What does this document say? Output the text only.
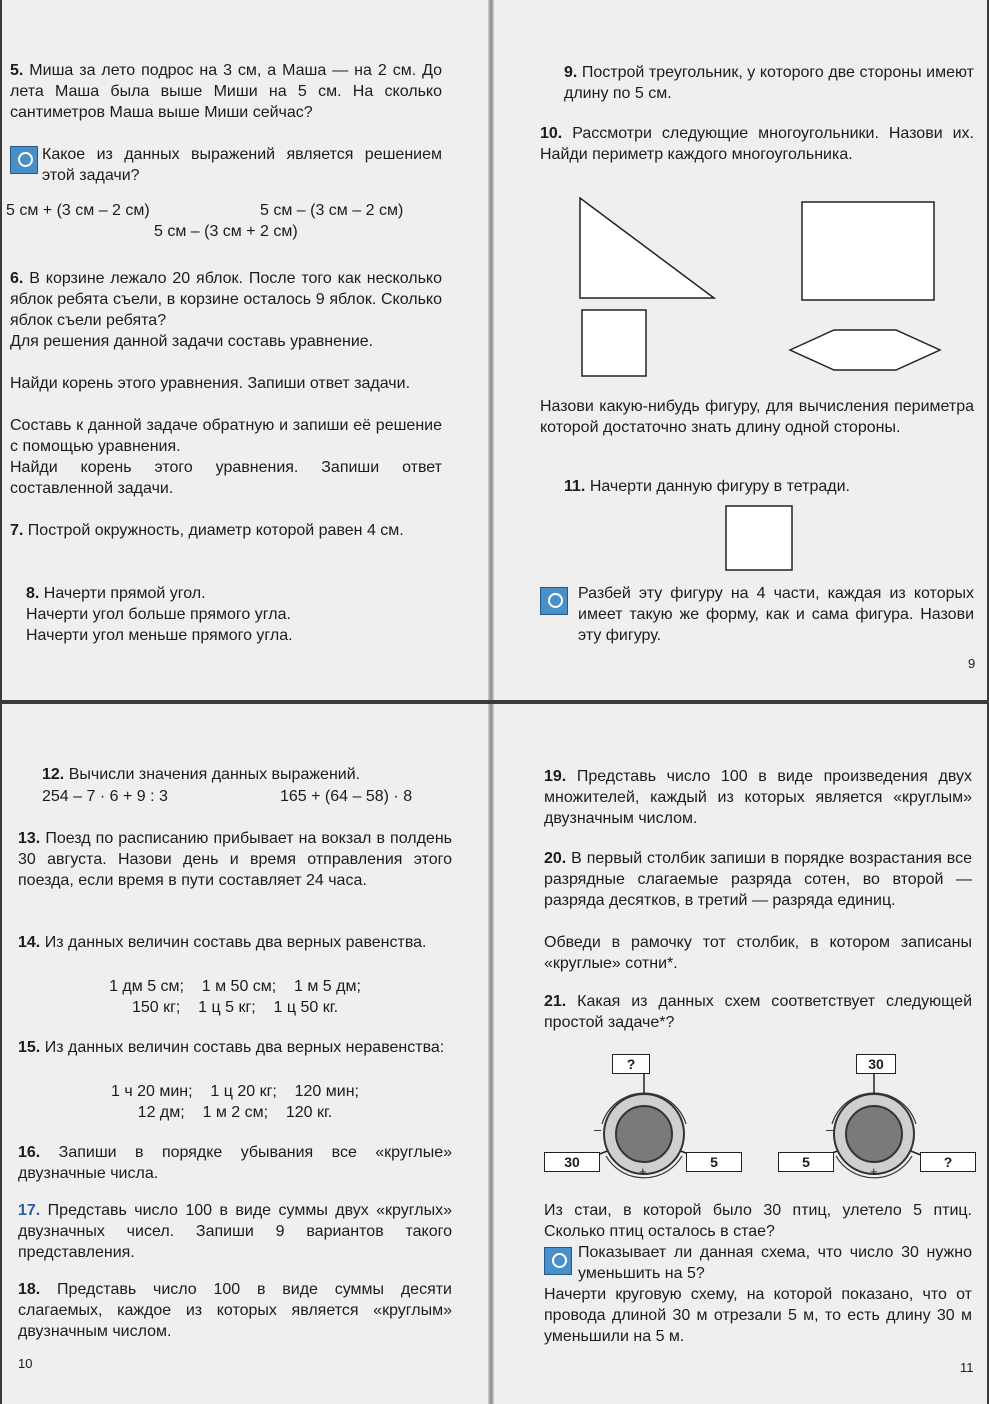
5. Миша за лето подрос на 3 см, а Маша — на 2 см. До лета Маша была выше Миши на 5 см. На сколько сантиметров Маша выше Миши сейчас?
Какое из данных выражений является решением этой задачи?
5 см + (3 см – 2 см)	5 см – (3 см – 2 см)
5 см – (3 см + 2 см)
6. В корзине лежало 20 яблок. После того как несколько яблок ребята съели, в корзине осталось 9 яблок. Сколько яблок съели ребята?
Для решения данной задачи составь уравнение.
Найди корень этого уравнения. Запиши ответ задачи.
Составь к данной задаче обратную и запиши её решение с помощью уравнения.
Найди корень этого уравнения. Запиши ответ составленной задачи.
7. Построй окружность, диаметр которой равен 4 см.
8. Начерти прямой угол.
Начерти угол больше прямого угла.
Начерти угол меньше прямого угла.
9. Построй треугольник, у которого две стороны имеют длину по 5 см.
10. Рассмотри следующие многоугольники. Назови их. Найди периметр каждого многоугольника.
Назови какую-нибудь фигуру, для вычисления периметра которой достаточно знать длину одной стороны.
11. Начерти данную фигуру в тетради.
Разбей эту фигуру на 4 части, каждая из которых имеет такую же форму, как и сама фигура. Назови эту фигуру.
9
12. Вычисли значения данных выражений.
254 – 7 · 6 + 9 : 3	165 + (64 – 58) · 8
13. Поезд по расписанию прибывает на вокзал в полдень 30 августа. Назови день и время отправления этого поезда, если время в пути составляет 24 часа.
14. Из данных величин составь два верных равенства.
1 дм 5 см;    1 м 50 см;    1 м 5 дм;
150 кг;    1 ц 5 кг;    1 ц 50 кг.
15. Из данных величин составь два верных неравенства:
1 ч 20 мин;    1 ц 20 кг;    120 мин;
12 дм;    1 м 2 см;    120 кг.
16. Запиши в порядке убывания все «круглые» двузначные числа.
17. Представь число 100 в виде суммы двух «круглых» двузначных чисел. Запиши 9 вариантов такого представления.
18. Представь число 100 в виде суммы десяти слагаемых, каждое из которых является «круглым» двузначным числом.
10
19. Представь число 100 в виде произведения двух множителей, каждый из которых является «круглым» двузначным числом.
20. В первый столбик запиши в порядке возрастания все разрядные слагаемые разряда сотен, во второй — разряда десятков, в третий — разряда единиц.
Обведи в рамочку тот столбик, в котором записаны «круглые» сотни*.
21. Какая из данных схем соответствует следующей простой задаче*?
?
30	5
–
+
30
5	?
–
+
Из стаи, в которой было 30 птиц, улетело 5 птиц. Сколько птиц осталось в стае?
Показывает ли данная схема, что число 30 нужно уменьшить на 5?
Начерти круговую схему, на которой показано, что от провода длиной 30 м отрезали 5 м, то есть длину 30 м уменьшили на 5 м.
11
